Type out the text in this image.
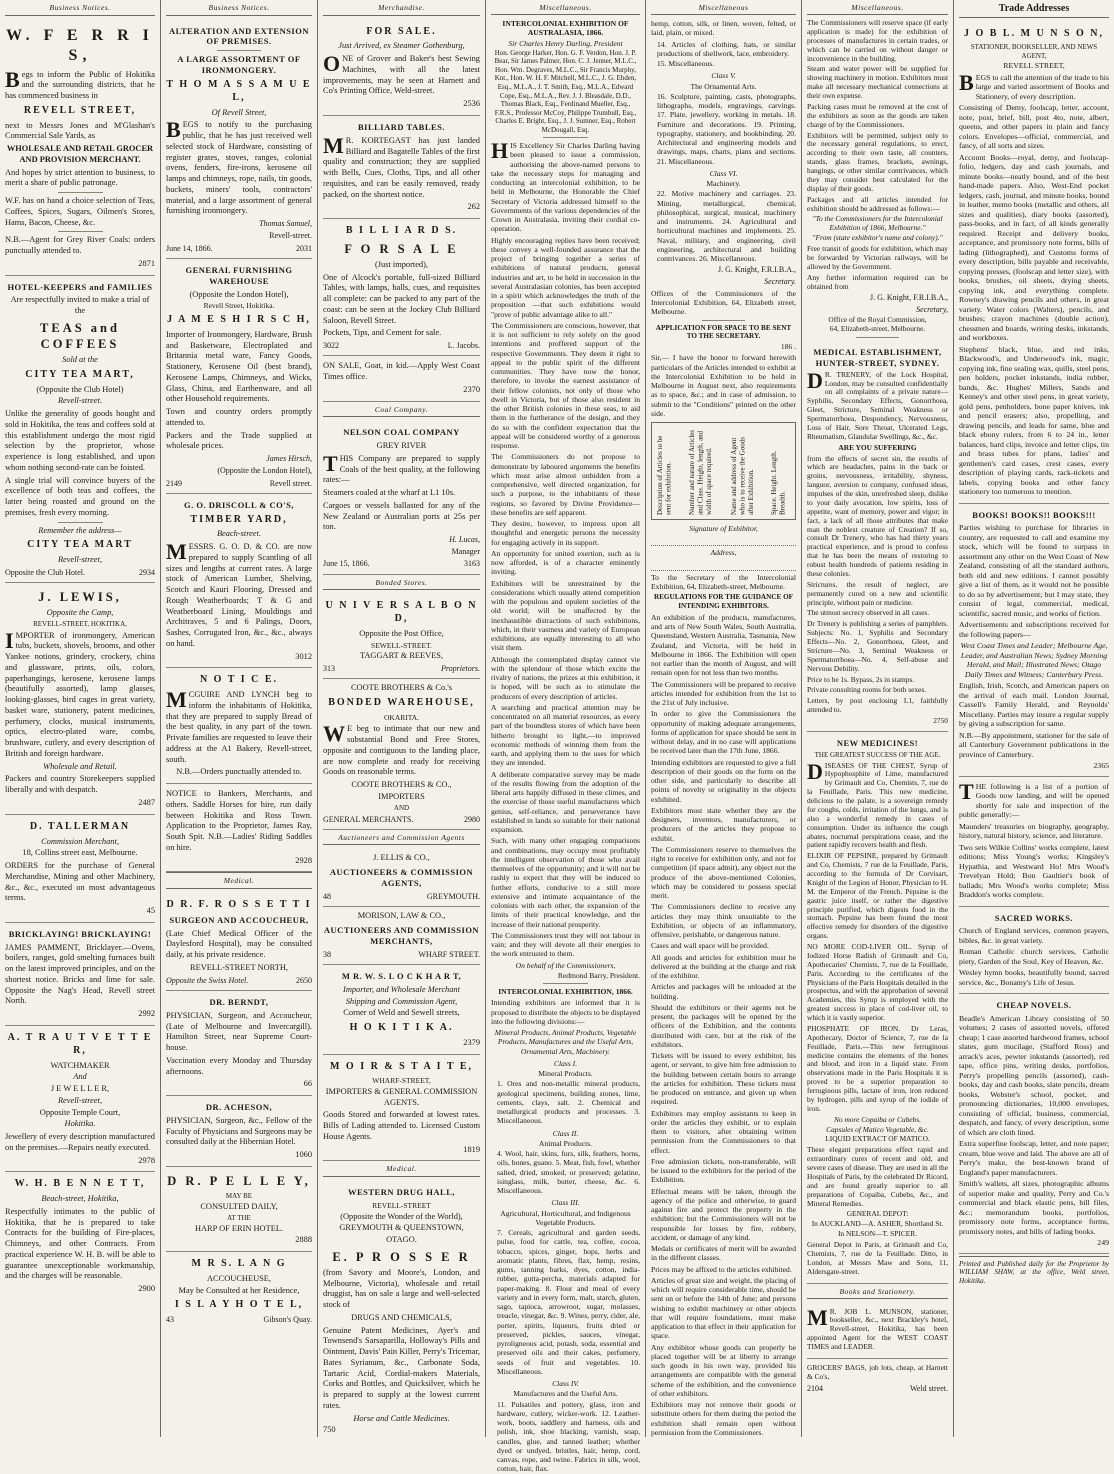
Business Notices.
W. F E R R I S,
Begs to inform the Public of Hokitika and the surrounding districts, that he has commenced business in
REVELL STREET,
next to Messrs Jones and M'Glashan's Commercial Sale Yards, as
WHOLESALE AND RETAIL GROCER AND PROVISION MERCHANT.
And hopes by strict attention to business, to merit a share of public patronage.
W.F. has on hand a choice selection of Teas, Coffees, Spices, Sugars, Oilmen's Stores, Hams, Bacon, Cheese, &c.
N.B.—Agent for Grey River Coals: orders punctually attended to.
2871
HOTEL-KEEPERS and FAMILIES
Are respectfully invited to make a trial of the
TEAS and COFFEES
Sold at the
CITY TEA MART,
(Opposite the Club Hotel)
Revell-street.
Unlike the generality of goods bought and sold in Hokitika, the teas and coffees sold at this establishment undergo the most rigid selection by the proprietor, whose experience is long established, and upon whom nothing second-rate can be foisted.
A single trial will convince buyers of the excellence of both teas and coffees, the latter being roasted and ground on the premises, fresh every morning.
Remember the address—
CITY TEA MART
Revell-street,
Opposite the Club Hotel.	2934
J. LEWIS,
Opposite the Camp,
REVELL-STREET, HOKITIKA,
IMPORTER of ironmongery, American tubs, buckets, shovels, brooms, and other Yankee notions, grindery, crockery, china and glassware, prints, oils, colors, paperhangings, kerosene, kerosene lamps (beautifully assorted), lamp glasses, looking-glasses, bird cages in great variety, basket ware, stationery, patent medicines, perfumery, clocks, musical instruments, optics, electro-plated ware, combs, brushware, cutlery, and every description of British and foreign hardware.
Wholesale and Retail.
Packers and country Storekeepers supplied liberally and with despatch.
2487
D. TALLERMAN
Commission Merchant,
18, Collins street east, Melbourne.
ORDERS for the purchase of General Merchandise, Mining and other Machinery, &c., &c., executed on most advantageous terms.
45
BRICKLAYING! BRICKLAYING!
JAMES PAMMENT, Bricklayer.—Ovens, boilers, ranges, gold smelting furnaces built on the latest improved principles, and on the shortest notice. Bricks and lime for sale. Opposite the Nag's Head, Revell street North.
2992
A. T R A U T V E T T E R,
WATCHMAKER
And
J E W E L L E R,
Revell-street,
Opposite Temple Court,
Hokitika.
Jewellery of every description manufactured on the premises.—Repairs neatly executed.
2978
W. H. B E N N E T T,
Beach-street, Hokitika,
Respectfully intimates to the public of Hokitika, that he is prepared to take Contracts for the building of Fire-places, Chimneys, and other Contracts. From practical experience W. H. B. will be able to guarantee unexceptionable workmanship, and the charges will be reasonable.
2900
Business Notices.
ALTERATION AND EXTENSION OF PREMISES.
A LARGE ASSORTMENT OF IRONMONGERY.
T H O M A S S A M U E L,
Of Revell Street,
BEGS to notify to the purchasing public, that he has just received well selected stock of Hardware, consisting of register grates, stoves, ranges, colonial ovens, fenders, fire-irons, kerosene oil lamps and chimneys, rope, nails, tin goods, buckets, miners' tools, contractors' material, and a large assortment of general furnishing ironmongery.
Thomas Samuel,
Revell-street.
June 14, 1866.	2031
GENERAL FURNISHING WAREHOUSE
(Opposite the London Hotel),
Revell Street, Hokitika.
J A M E S H I R S C H,
Importer of Ironmongery, Hardware, Brush and Basketware, Electroplated and Britannia metal ware, Fancy Goods, Stationery, Kerosene Oil (best brand), Kerosene Lamps, Chimneys, and Wicks, Glass, China, and Earthenware, and all other Household requirements.
Town and country orders promptly attended to.
Packers and the Trade supplied at wholesale prices.
James Hirsch,
(Opposite the London Hotel),
2149	Revell street.
G. O. DRISCOLL & CO'S,
TIMBER YARD,
Beach-street.
MESSRS. G. O. D. & CO. are now prepared to supply Scantling of all sizes and lengths at current rates. A large stock of American Lumber, Shelving, Scotch and Kauri Flooring, Dressed and Rough Weatherboards; T & G and Weatherboard Lining, Mouldings and Architraves, 5 and 6 Palings, Doors, Sashes, Corrugated Iron, &c., &c., always on hand.
3012
N O T I C E.
MCGUIRE AND LYNCH beg to inform the inhabitants of Hokitika, that they are prepared to supply Bread of the best quality, in any part of the town. Private families are requested to leave their address at the A1 Bakery, Revell-street, south.
N.B.—Orders punctually attended to.
NOTICE to Bankers, Merchants, and others. Saddle Horses for hire, run daily between Hokitika and Ross Town. Application to the Proprietor, James Ray, South Spit. N.B.—Ladies' Riding Saddles on hire.
2928
Medical.
D R. F. R O S S E T T I
SURGEON AND ACCOUCHEUR,
(Late Chief Medical Officer of the Daylesford Hospital), may be consulted daily, at his private residence.
REVELL-STREET NORTH,
Opposite the Swiss Hotel.	2650
DR. BERNDT,
PHYSICIAN, Surgeon, and Accoucheur, (Late of Melbourne and Invercargill). Hamilton Street, near Supreme Court-house.
Vaccination every Monday and Thursday afternoons.
66
DR. ACHESON,
PHYSICIAN, Surgeon, &c., Fellow of the Faculty of Physicians and Surgeons may be consulted daily at the Hibernian Hotel.
1060
D R. P E L L E Y,
MAY BE
CONSULTED DAILY,
AT THE
HARP OF ERIN HOTEL.
2888
M R S. L A N G
ACCOUCHEUSE,
May be Consulted at her Residence,
I S L A Y H O T E L,
43	Gibson's Quay.
Merchandise.
FOR SALE.
Just Arrived, ex Steamer Gothenburg,
ONE of Grover and Baker's best Sewing Machines, with all the latest improvements, may be seen at Harnett and Co's Printing Office, Weld-street.
2536
BILLIARD TABLES.
MR. KORTEGAST has just landed Billiard and Bagatelle Tables of the first quality and construction; they are supplied with Bells, Cues, Cloths, Tips, and all other requisites, and can be easily removed, ready packed, on the shortest notice.
262
B I L L I A R D S.
F O R S A L E
(Just imported),
One of Alcock's portable, full-sized Billiard Tables, with lamps, balls, cues, and requisites all complete: can be packed to any part of the coast: can be seen at the Jockey Club Billiard Saloon, Revell Street.
Pockets, Tips, and Cement for sale.
3022	L. Jacobs.
ON SALE, Goat, in kid.—Apply West Coast Times office.
2370
Coal Company.
NELSON COAL COMPANY
GREY RIVER
THIS Company are prepared to supply Coals of the best quality, at the following rates:—
Steamers coaled at the wharf at L1 10s.
Cargoes or vessels ballasted for any of the New Zealand or Australian ports at 25s per ton.
H. Lucas,
Manager
June 15, 1866.	3163
Bonded Stores.
U N I V E R S A L B O N D,
Opposite the Post Office,
SEWELL-STREET.
TAGGART & REEVES,
313	Proprietors.
COOTE BROTHERS & Co.'s
BONDED WAREHOUSE,
OKARITA.
WE beg to intimate that our new and substantial Bond and Free Stores, opposite and contiguous to the landing place, are now complete and ready for receiving Goods on reasonable terms.
COOTE BROTHERS & CO.,
IMPORTERS
AND
GENERAL MERCHANTS.	2980
Auctioneers and Commission Agents
J. ELLIS & CO.,
AUCTIONEERS & COMMISSION AGENTS,
48	GREYMOUTH.
MORISON, LAW & CO.,
AUCTIONEERS AND COMMISSION MERCHANTS,
38	WHARF STREET.
M R. W. S. L O C K H A R T,
Importer, and Wholesale Merchant
Shipping and Commission Agent,
Corner of Weld and Sewell streets,
H O K I T I K A.
2379
M O I R & S T A I T E,
WHARF-STREET,
IMPORTERS & GENERAL COMMISSION AGENTS.
Goods Stored and forwarded at lowest rates. Bills of Lading attended to. Licensed Custom House Agents.
1819
Medical.
WESTERN DRUG HALL,
REVELL-STREET
(Opposite the Wonder of the World),
GREYMOUTH & QUEENSTOWN,
OTAGO.
E. P R O S S E R
(from Savory and Moore's, London, and Melbourne, Victoria), wholesale and retail druggist, has on sale a large and well-selected stock of
DRUGS AND CHEMICALS,
Genuine Patent Medicines, Ayer's and Townsend's Sarsaparilla, Holloway's Pills and Ointment, Davis' Pain Killer, Perry's Tricemar, Bates Syrianum, &c., Carbonate Soda, Tartaric Acid, Cordial-makers Materials, Corks and Bottles, and Quicksilver, which he is prepared to supply at the lowest current rates.
Horse and Cattle Medicines.
750
Miscellaneous.
INTERCOLONIAL EXHIBITION OF AUSTRALASIA, 1866.
Sir Charles Henry Darling, President
Hon. George Harker, Hon. G. F. Verdon, Hon. J. P. Bear, Sir James Palmer, Hon. C. J. Jenner, M.L.C., Hon. Wm. Degraves, M.L.C., Sir Francis Murphy, Knt., Hon. W. H. F. Mitchell, M.L.C., J. G. Ebden, Esq., M.L.A., J. T. Smith, Esq., M.L.A., Edward Cope, Esq., M.L.A., Rev. J. J. Bleasdale, D.D., Thomas Black, Esq., Ferdinand Mueller, Esq., F.R.S., Professor McCoy, Philippe Trumbull, Esq., Charles E. Bright, Esq., J. J. Sumner, Esq., Robert McDougall, Esq.
HIS Excellency Sir Charles Darling having been pleased to issue a commission, authorising the above-named persons to take the necessary steps for managing and conducting an intercolonial exhibition, to be held in Melbourne, the Honorable the Chief Secretary of Victoria addressed himself to the Governments of the various dependencies of the Crown in Australasia, inviting their cordial co-operation.
Highly encouraging replies have been received; these convey a well-founded assurance that the project of bringing together a series of exhibitions of natural products, general industries and art, to be held in succession in the several Australasian colonies, has been accepted in a spirit which acknowledges the truth of the proposition —that such exhibitions would "prove of public advantage alike to all."
The Commissioners are conscious, however, that it is not sufficient to rely solely on the good intentions and proffered support of the respective Governments. They deem it right to appeal to the public spirit of the different communities. They have now the honor, therefore, to invoke the earnest assistance of their fellow colonists, not only of those who dwell in Victoria, but of those also resident in the other British colonies in these seas, to aid them in the furtherance of the design, and they do so with the confident expectation that the appeal will be considered worthy of a generous response.
The Commissioners do not propose to demonstrate by laboured arguments the benefits which must arise almost unbidden from a comprehensive, well directed organization, for such a purpose, to the inhabitants of these regions, so favored by Divine Providence—these benefits are self apparent.
They desire, however, to impress upon all thoughtful and energetic persons the necessity for engaging actively in its support.
An opportunity for united exertion, such as is now afforded, is of a character eminently inviting.
Exhibitors will be unrestrained by the considerations which usually attend competition with the populous and opulent societies of the old world; will be unaffected by the inexhaustible distractions of such exhibitions, which, in their vastness and variety of European exhibitions, are equally interesting to all who visit them.
Although the contemplated display cannot vie with the splendour of those which excite the rivalry of nations, the prizes at this exhibition, it is hoped, will be such as to stimulate the producers of every description of articles.
A searching and practical attention may be concentrated on all material resources, as every part of the boundless stores of which have been hitherto brought to light,—to improved economic methods of winning them from the earth, and applying them to the uses for which they are intended.
A deliberate comparative survey may be made of the results flowing from the adoption of the liberal arts happily diffused in these climes, and the exercise of those useful manufactures which genius, self-reliance, and perseverance have established in lands so suitable for their national expansion.
Such, with many other engaging comparisons and combinations, may occupy most profitably the intelligent observation of those who avail themselves of the opportunity; and it will not be rashly to expect that they will be induced to further efforts, conducive to a still more extensive and intimate acquaintance of the colonists with each other, the expansion of the limits of their practical knowledge, and the increase of their national prosperity.
The Commissioners trust they will not labour in vain; and they will devote all their energies to the work entrusted to them.
On behalf of the Commissioners,
Redmond Barry, President.
INTERCOLONIAL EXHIBITION, 1866.
Intending exhibitors are informed that it is proposed to distribute the objects to be displayed into the following divisions:—
Mineral Products, Animal Products, Vegetable Products, Manufactures and the Useful Arts, Ornamental Arts, Machinery.
Class I.
Mineral Products.
1. Ores and non-metallic mineral products, geological specimens, building stones, lime, cements, clays, salt. 2. Chemical and metallurgical products and processes. 3. Miscellaneous.
Class II.
Animal Products.
4. Wool, hair, skins, furs, silk, feathers, horns, oils, bones, guano. 5. Meat, fish, fowl, whether salted, dried, smoked, or preserved; gelatine, isinglass, milk, butter, cheese, &c. 6. Miscellaneous.
Class III.
Agricultural, Horticultural, and Indigenous Vegetable Products.
7. Cereals, agricultural and garden seeds, pulse, food for cattle, tea, coffee, cocoa, tobacco, spices, ginger, hops, herbs and aromatic plants, fibres, flax, hemp, resins, gums, tanning barks, dyes, cotton, india-rubber, gutta-percha, materials adapted for paper-making. 8. Flour and meal of every variety and in every form, malt, starch, gluten, sago, tapioca, arrowroot, sugar, molasses, treacle, vinegar, &c. 9. Wines, perry, cider, ale, porter, spirits, liqueurs, fruits dried or preserved, pickles, sauces, vinegar, pyroligneous acid, potash, soda, essential and preserved oils and their cakes, perfumery, seeds of fruit and vegetables. 10. Miscellaneous.
Class IV.
Manufactures and the Useful Arts.
11. Pulsatiles and pottery, glass, iron and hardware, cutlery, wicker-work. 12. Leather-work, boots, saddlery and harness, oils and polish, ink, shoe blacking, varnish, soap, candles, glue, and tanned leather; whether dyed or undyed, bristles, hair, hemp, cord, canvas, rope, and twine. Fabrics in silk, wool, cotton, hair, flax.
Miscellaneous
hemp, cotton, silk, or linen, woven, felted, or laid, plain, or mixed.
14. Articles of clothing, hats, or similar productions of shellwork, lace, embroidery.
15. Miscellaneous.
Class V.
The Ornamental Arts.
16. Sculpture, painting, casts, photographs, lithographs, models, engravings, carvings. 17. Plate, jewellery, working in metals. 18. Furniture and decorations. 19. Printing, typography, stationery, and bookbinding. 20. Architectural and engineering models and drawings, maps, charts, plans and sections. 21. Miscellaneous.
Class VI.
Machinery.
22. Motive machinery and carriages. 23. Mining, metallurgical, chemical, philosophical, surgical, musical, machinery and instruments. 24. Agricultural and horticultural machines and implements. 25. Naval, military, and engineering, civil engineering, architectural and building contrivances. 26. Miscellaneous.
J. G. Knight, F.R.I.B.A.,
Secretary.
Offices of the Commissioners of the Intercolonial Exhibition, 64, Elizabeth street, Melbourne.
APPLICATION FOR SPACE TO BE SENT TO THE SECRETARY.
186 .
Sir,— I have the honor to forward herewith particulars of the Articles intended to exhibit at the Intercolonial Exhibition to be held in Melbourne in August next, also requirements as to space, &c.; and in case of admission, to submit to the "Conditions" printed on the other side.
Description of Articles to be sent for exhibition. Number and nature of Articles and Class. Height, length, and width of space required. Name and address of Agent who is to receive the Goods after Exhibition. Space. Height. Length. Breadth.
Signature of Exhibitor,
Address,
To the Secretary of the Intercolonial Exhibition, 64, Elizabeth-street, Melbourne.
REGULATIONS FOR THE GUIDANCE OF INTENDING EXHIBITORS.
An exhibition of the products, manufactures, and arts of New South Wales, South Australia, Queensland, Western Australia, Tasmania, New Zealand, and Victoria, will be held in Melbourne in 1866. The Exhibition will open not earlier than the month of August, and will remain open for not less than two months.
The Commissioners will be prepared to receive articles intended for exhibition from the 1st to the 21st of July inclusive.
In order to give the Commissioners the opportunity of making adequate arrangements, forms of application for space should be sent in without delay, and in no case will applications be received later than the 17th June, 1866.
Intending exhibitors are requested to give a full description of their goods on the form on the other side, and particularly to describe all points of novelty or originality in the objects exhibited.
Exhibitors must state whether they are the designers, inventors, manufacturers, or producers of the articles they propose to exhibit.
The Commissioners reserve to themselves the right to receive for exhibition only, and not for competition (if space admit), any object not the produce of the above-mentioned Colonies, which may be considered to possess special merit.
The Commissioners decline to receive any articles they may think unsuitable to the Exhibition, or objects of an inflammatory, offensive, perishable, or dangerous nature.
Cases and wall space will be provided.
All goods and articles for exhibition must be delivered at the building at the charge and risk of the exhibitor.
Articles and packages will be unloaded at the building.
Should the exhibitors or their agents not be present, the packages will be opened by the officers of the Exhibition, and the contents distributed with care, but at the risk of the exhibitors.
Tickets will be issued to every exhibitor, his agent, or servant, to give him free admission to the building between certain hours to arrange the articles for exhibition. These tickets must be produced on entrance, and given up when required.
Exhibitors may employ assistants to keep in order the articles they exhibit, or to explain them to visitors, after obtaining written permission from the Commissioners to that effect.
Free admission tickets, non-transferable, will be issued to the exhibitors for the period of the Exhibition.
Effectual means will be taken, through the agency of the police and otherwise, to guard against fire and protect the property in the exhibition; but the Commissioners will not be responsible for losses by fire, robbery, accident, or damage of any kind.
Medals or certificates of merit will be awarded in the different classes.
Prices may be affixed to the articles exhibited.
Articles of great size and weight, the placing of which will require considerable time, should be sent on or before the 14th of June; and persons wishing to exhibit machinery or other objects that will require foundations, must make application to that effect in their application for space.
Any exhibitor whose goods can properly be placed together will be at liberty to arrange such goods in his own way, provided his arrangements are compatible with the general scheme of the exhibition, and the convenience of other exhibitors.
Exhibitors may not remove their goods or substitute others for them during the period the exhibition shall remain open without permission from the Commissioners.
Miscellaneous.
The Commissioners will reserve space (if early application is made) for the exhibition of processes of manufactures in certain trades, or which can be carried on without danger or inconvenience in the building.
Steam and water power will be supplied for showing machinery in motion. Exhibitors must make all necessary mechanical connections at their own expense.
Packing cases must be removed at the cost of the exhibitors as soon as the goods are taken charge of by the Commissioners.
Exhibitors will be permitted, subject only to the necessary general regulations, to erect, according to their own taste, all counters, stands, glass frames, brackets, awnings, hangings, or other similar contrivances, which they may consider best calculated for the display of their goods.
Packages and all articles intended for exhibition should be addressed as follows:—
"To the Commissioners for the Intercolonial Exhibition of 1866, Melbourne."
"From (state exhibitor's name and colony)."
Free transit of goods for exhibition, which may be forwarded by Victorian railways, will be allowed by the Government.
Any further information required can be obtained from
J. G. Knight, F.R.I.B.A.,
Secretary,
Office of the Royal Commission,
64, Elizabeth-street, Melbourne.
MEDICAL ESTABLISHMENT, HUNTER-STREET, SYDNEY.
DR. TRENERY, of the Lock Hospital, London, may be consulted confidentially on all complaints of a private nature—Syphilis, Secondary Effects, Gonorrhoea, Gleet, Stricture, Seminal Weakness or Spermatorrhoea, Despondency, Nervousness, Loss of Hair, Sore Throat, Ulcerated Legs, Rheumatism, Glandular Swellings, &c., &c.
ARE YOU SUFFERING
from the effects of secret sin, the results of which are headaches, pains in the back or groins, nervousness, irritability, shyness, languor, aversion to company, confused ideas, impulses of the skin, unrefreshed sleep, dislike to your daily avocation, low spirits, loss of appetite, want of memory, power and vigor; in fact, a lack of all those attributes that make man the noblest creature of Creation? If so, consult Dr Trenery, who has had thirty years practical experience, and is proud to confess that he has been the means of restoring to robust health hundreds of patients residing in these colonies.
Strictures, the result of neglect, are permanently cured on a new and scientific principle, without pain or medicine.
The utmost secrecy observed in all cases.
Dr Trenery is publishing a series of pamphlets. Subjects: No. 1, Syphilis and Secondary Effects—No. 2, Gonorrhoea, Gleet, and Stricture—No. 3, Seminal Weakness or Spermatorrhoea—No. 4, Self-abuse and Nervous Debility.
Price to be 1s. Bypass, 2s in stamps.
Private consulting rooms for both sexes.
Letters, by post enclosing L1, faithfully attended to.
2750
NEW MEDICINES!
THE GREATEST SUCCESS OF THE AGE.
DISEASES OF THE CHEST, Syrup of Hypophosphite of Lime, manufactured by Grimault and Co, Chemists, 7, rue de la Feuillade, Paris. This new medicine, delicious to the palate, is a sovereign remedy for coughs, colds, irritation of the lungs, and is also a wonderful remedy in cases of consumption. Under its influence the cough abates, nocturnal perspirations cease, and the patient rapidly recovers health and flesh.
ELIXIR OF PEPSINE, prepared by Grimault and Co, Chemists, 7 rue de la Feuillade, Paris, according to the formula of Dr Corvisart, Knight of the Legion of Honor, Physician to H. M. the Emperor of the French. Pepsine is the gastric juice itself, or rather the digestive principle purified, which digests food in the stomach. Pepsine has been found the most effective remedy for disorders of the digestive organs.
NO MORE COD-LIVER OIL. Syrup of Iodized Horse Radish of Grimault and Co, Apothecaries' Chemists, 7, rue de la Feuillade, Paris. According to the certificates of the Physicians of the Paris Hospitals detailed in the prospectus, and with the approbation of several Academies, this Syrup is employed with the greatest success in place of cod-liver oil, to which it is vastly superior.
PHOSPHATE OF IRON. Dr Leras, Apothecary, Doctor of Science, 7, rue de la Feuillade, Paris.—This new ferruginous medicine contains the elements of the bones and blood, and iron in a liquid state. From observations made in the Paris Hospitals it is proved to be a superior preparation to ferruginous pills, lactate of iron, iron reduced by hydrogen, pills and syrup of the iodide of iron.
No more Copaiba or Cubebs.
Capsules of Matico Vegetable, &c.
LIQUID EXTRACT OF MATICO.
These elegant preparations effect rapid and extraordinary cures of recent and old, and severe cases of disease. They are used in all the Hospitals of Paris, by the celebrated Dr Ricord, and are found greatly superior to all preparations of Copaiba, Cubebs, &c., and Mineral Remedies.
GENERAL DEPOT:
In AUCKLAND—A. ASHER, Shortland St.
In NELSON—T. SPICER.
General Depot in Paris, at Grimault and Co, Chemists, 7, rue de la Feuillade. Ditto, in London, at Messrs Maw and Sons, 11, Aldersgate-street.
Books and Stationery.
MR. JOB L. MUNSON, stationer, bookseller, &c., next Brackley's hotel, Revell-street, Hokitika, has been appointed Agent for the WEST COAST TIMES and LEADER.
GROCERS' BAGS, job lots, cheap, at Harnett & Co's,
2104	Weld street.
Trade Addresses
J O B L. M U N S O N,
STATIONER, BOOKSELLER, AND NEWS AGENT,
REVELL STREET,
BEGS to call the attention of the trade to his large and varied assortment of Books and Stationery, of every description.
Consisting of Demy, foolscap, letter, account, note, post, brief, bill, post 4to, note, albert, queens, and other papers in plain and fancy colors. Envelopes—official, commercial, and fancy, of all sorts and sizes.
Account Books—royal, demy, and foolscap-folio, ledgers, day and cash journals, and minute books—neatly bound, and of the best hand-made papers. Also, West-End pocket ledgers, cash, journal, and minute books, bound in leather, memo books (metallic and others, all sizes and qualities), diary books (assorted), pass-books, and in fact, of all kinds generally required. Receipt and delivery books, acceptance, and promissory note forms, bills of lading (lithographed), and Customs forms of every description, bills payable and receivable, copying presses, (foolscap and letter size), with books, brushes, oil sheets, drying sheets, copying ink, and everything complete. Rowney's drawing pencils and others, in great variety. Water colors (Walters), pencils, and brushes; crayon machines (double action), chessmen and boards, writing desks, inkstands, and workboxes.
Stephens' black, blue, and red inks, Blackwood's, and Underwood's ink, magic, copying ink, fine sealing wax, quills, steel pens, pen holders, pocket inkstands, india rubber, bands, &c. Hughes' Millers, Sands and Kenney's and other steel pens, in great variety, gold pens, penholders, bone paper knives, ink and pencil erasers; also, propelling, and drawing pencils, and leads for same, blue and black ebony rulers, from 6 to 24 in., letter balances, hard clips, invoice and letter clips, tin and brass tubes for plans, ladies' and gentlemen's card cases, crest cases, every description of playing cards, rack-tickets and labels, copying books and other fancy stationery too numerous to mention.
BOOKS! BOOKS!! BOOKS!!!
Parties wishing to purchase for libraries in country, are requested to call and examine my stock, which will be found to surpass in assortment any other on the West Coast of New Zealand, consisting of all the standard authors, both old and new editions. I cannot possibly give a list of them, as it would not be possible to do so by advertisement; but I may state, they consist of legal, commercial, medical, scientific, sacred music, and works of fiction.
Advertisements and subscriptions received for the following papers—
West Coast Times and Leader; Melbourne Age, Leader, and Australian News; Sydney Morning Herald, and Mail; Illustrated News; Otago Daily Times and Witness; Canterbury Press.
English, Irish, Scotch, and American papers on the arrival of each mail. London Journal, Cassell's Family Herald, and Reynolds' Miscellany. Parties may insure a regular supply by giving a subscription for same.
N.B.—By appointment, stationer for the sale of all Canterbury Government publications in the province of Canterbury.
2365
THE following is a list of a portion of Goods now landing, and will be opened shortly for sale and inspection of the public generally:—
Maunders' treasuries on biography, geography, history, natural history, science, and literature.
Two sets Wilkie Collins' works complete, latest editions; Miss Young's works; Kingsley's Hypathia, and Westward Ho! Mrs Wood's Trevelyan Hold; Bon Gaultier's book of ballads; Mrs Wood's works complete; Miss Braddon's works complete.
SACRED WORKS.
Church of England services, common prayers, bibles, &c. in great variety.
Roman Catholic church services, Catholic piety, Garden of the Soul, Key of Heaven, &c.
Wesley hymn books, beautifully bound, sacred service, &c., Bonamy's Life of Jesus.
CHEAP NOVELS.
Beadle's American Library consisting of 50 volumes; 2 cases of assorted novels, offered cheap; 1 case assorted hardwood frames, school slates, gum mucilage, (Stafford Ross) and arrack's aces, pewter inkstands (assorted), red tape, office pins, writing desks, portfolios, Perry's propelling pencils (assorted), cash-books, day and cash books, slate pencils, dream books, Webster's school, pocket, and pronouncing dictionaries, 10,000 envelopes, consisting of official, business, commercial, despatch, and fancy, of every description, some of which are cloth lined.
Extra superfine foolscap, letter, and note paper; cream, blue wove and laid. The above are all of Perry's make, the best-known brand of England's paper manufacturers.
Smith's wallets, all sizes, photographic albums of superior make and quality, Perry and Co.'s commercial and black elastic pens, bill files, &c.; memorandum books, portfolios, promissory note forms, acceptance forms, promissory notes, and bills of lading books.
249
Printed and Published daily for the Proprietor by WILLIAM SHAW, at the office, Weld street, Hokitika.
